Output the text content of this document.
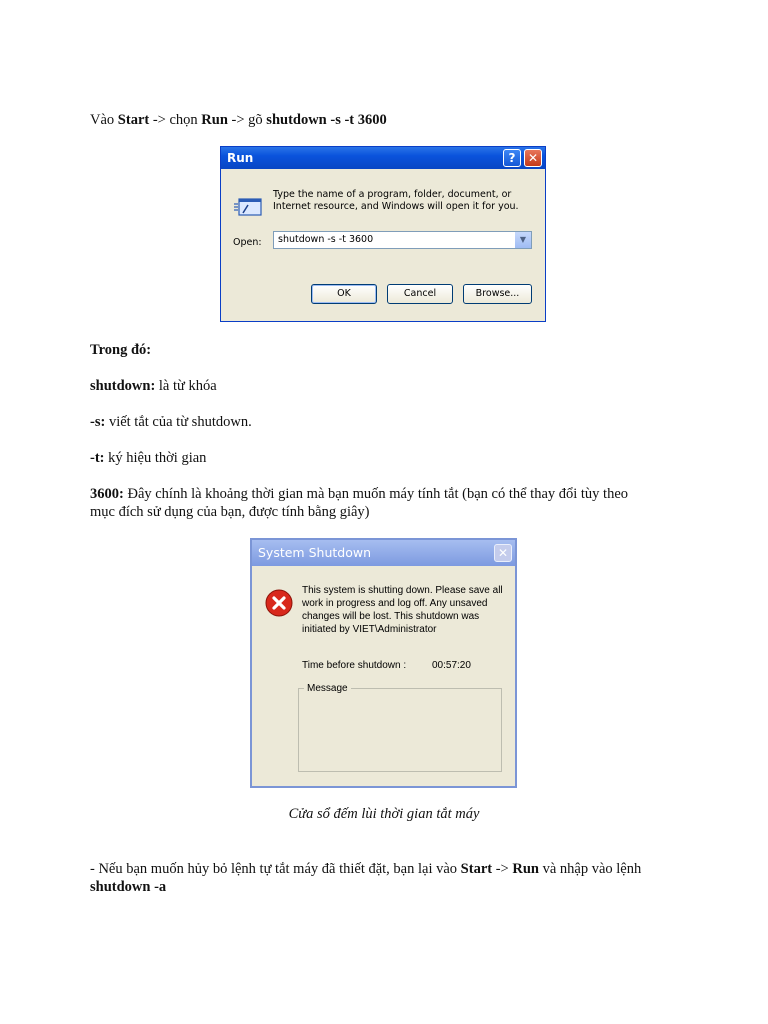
Vào Start -> chọn Run -> gõ shutdown -s -t 3600

Run	?	✕
Type the name of a program, folder, document, or Internet resource, and Windows will open it for you.
Open: shutdown -s -t 3600	▼
OK	Cancel	Browse...

Trong đó:

shutdown: là từ khóa

-s: viết tắt của từ shutdown.

-t: ký hiệu thời gian

3600: Đây chính là khoảng thời gian mà bạn muốn máy tính tắt (bạn có thể thay đổi tùy theo

mục đích sử dụng của bạn, được tính bằng giây)

System Shutdown	✕
This system is shutting down. Please save all work in progress and log off. Any unsaved changes will be lost. This shutdown was initiated by VIET\Administrator
Time before shutdown :	00:57:20
Message

Cửa sổ đếm lùi thời gian tắt máy

- Nếu bạn muốn hủy bỏ lệnh tự tắt máy đã thiết đặt, bạn lại vào Start -> Run và nhập vào lệnh

shutdown -a
